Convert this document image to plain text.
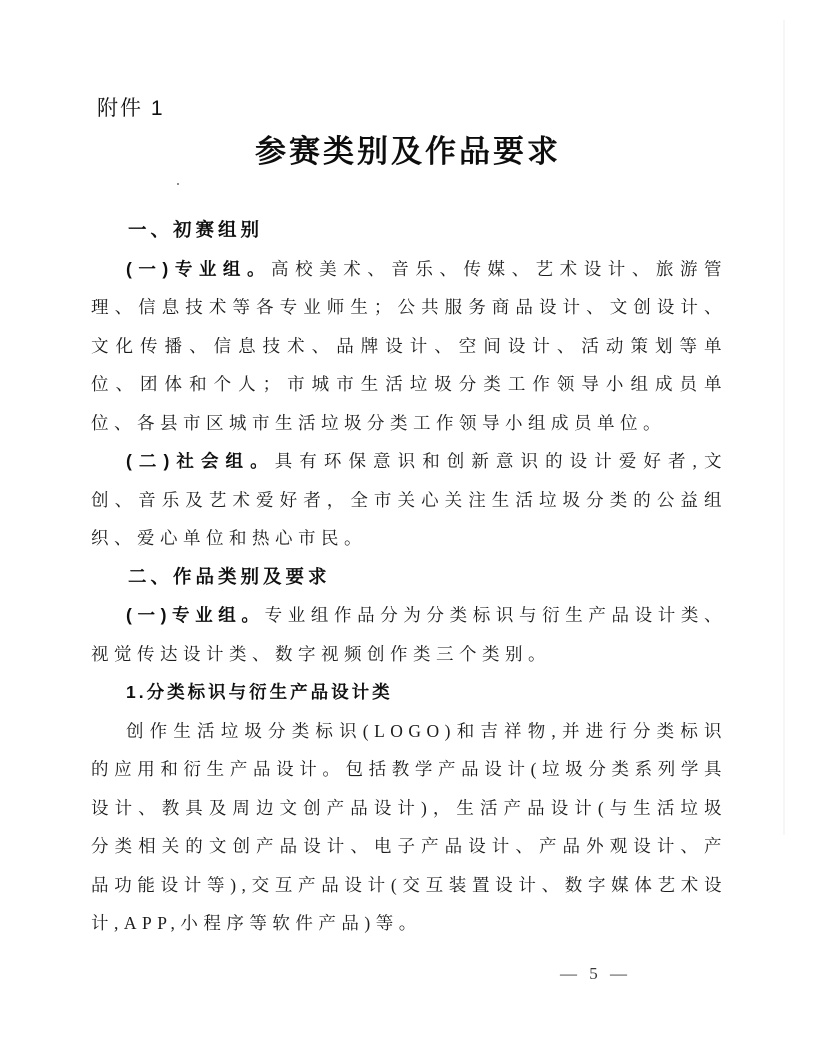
附件 1
参赛类别及作品要求

一、初赛组别

(一)专业组。高校美术、音乐、传媒、艺术设计、旅游管理、信息技术等各专业师生；公共服务商品设计、文创设计、文化传播、信息技术、品牌设计、空间设计、活动策划等单位、团体和个人；市城市生活垃圾分类工作领导小组成员单位、各县市区城市生活垃圾分类工作领导小组成员单位。

(二)社会组。具有环保意识和创新意识的设计爱好者,文创、音乐及艺术爱好者，全市关心关注生活垃圾分类的公益组织、爱心单位和热心市民。

二、作品类别及要求

(一)专业组。专业组作品分为分类标识与衍生产品设计类、视觉传达设计类、数字视频创作类三个类别。

1.分类标识与衍生产品设计类

创作生活垃圾分类标识(LOGO)和吉祥物,并进行分类标识的应用和衍生产品设计。包括教学产品设计(垃圾分类系列学具设计、教具及周边文创产品设计)，生活产品设计(与生活垃圾分类相关的文创产品设计、电子产品设计、产品外观设计、产品功能设计等),交互产品设计(交互装置设计、数字媒体艺术设计,APP,小程序等软件产品)等。

— 5 —
